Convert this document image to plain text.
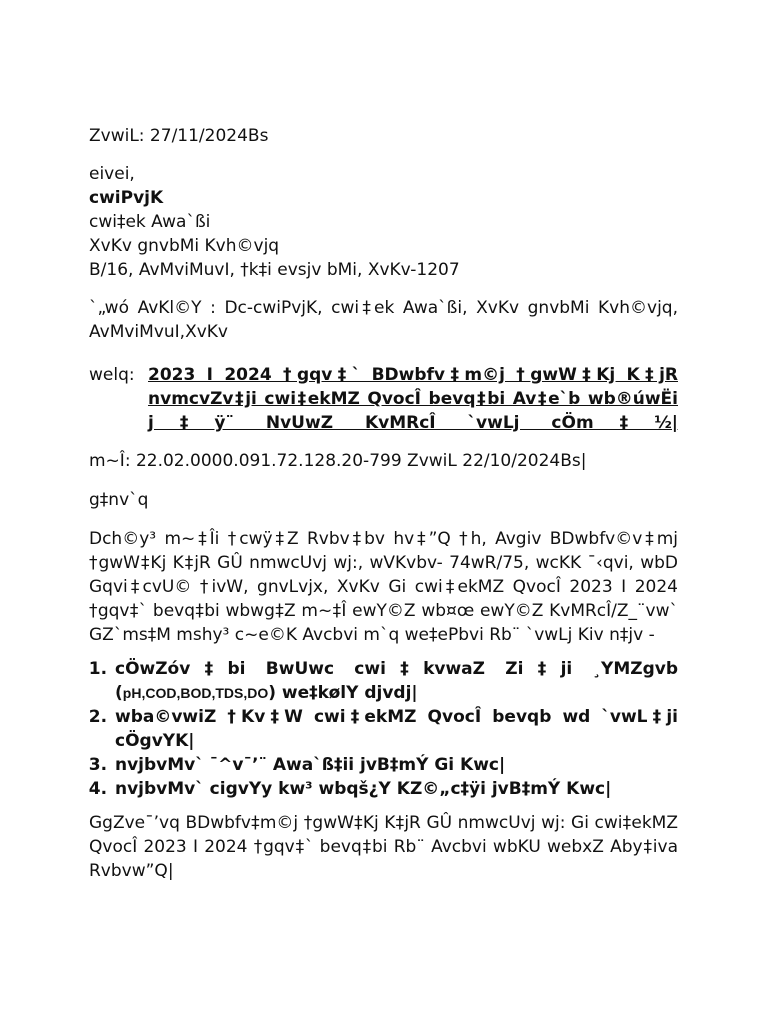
ZvwiL: 27/11/2024Bs

eivei,
cwiPvjK
cwi‡ek Awa`ßi
XvKv gnvbMi Kvh©vjq
B/16, AvMviMuvI, †k‡i evsjv bMi, XvKv-1207

`„wó AvKl©Y : Dc-cwiPvjK, cwi‡ek Awa`ßi, XvKv gnvbMi Kvh©vjq, AvMviMvuI,XvKv

welq: 2023 I 2024 †gqv‡` BDwbfv‡m©j †gwW‡Kj K‡jR nvmcvZv‡ji cwi‡ekMZ QvocÎ bevq‡bi Av‡e`b wb®úwËi j‡ÿ¨ NvUwZ KvMRcÎ `vwLj cÖm‡½|

m~Î: 22.02.0000.091.72.128.20-799 ZvwiL 22/10/2024Bs|

g‡nv`q

Dch©y³ m~‡Îi †cwÿ‡Z Rvbv‡bv hv‡”Q †h, Avgiv BDwbfv©v‡mj †gwW‡Kj K‡jR GÛ nmwcUvj wj:, wVKvbv- 74wR/75, wcKK ¯‹qvi, wbD Gqvi‡cvU© †ivW, gnvLvjx, XvKv Gi cwi‡ekMZ QvocÎ 2023 I 2024 †gqv‡` bevq‡bi wbwg‡Z m~‡Î ewY©Z wb¤œ ewY©Z KvMRcÎ/Z_¨vw` GZ`ms‡M mshy³ c~e©K Avcbvi m`q we‡ePbvi Rb¨ `vwLj Kiv n‡jv -

1. cÖwZóv‡bi BwUwc cwi‡kvwaZ Zi‡ji ¸YMZgvb (pH,COD,BOD,TDS,DO) we‡kølY djvdj|
2. wba©vwiZ †Kv‡W cwi‡ekMZ QvocÎ bevqb wd `vwL‡ji cÖgvYK|
3. nvjbvMv` ¯^v¯’¨ Awa`ß‡ii jvB‡mÝ Gi Kwc|
4. nvjbvMv` cigvYy kw³ wbqš¿Y KZ©„c‡ÿi jvB‡mÝ Kwc|

GgZve¯’vq BDwbfv‡m©j †gwW‡Kj K‡jR GÛ nmwcUvj wj: Gi cwi‡ekMZ QvocÎ 2023 I 2024 †gqv‡` bevq‡bi Rb¨ Avcbvi wbKU webxZ Aby‡iva Rvbvw”Q|
